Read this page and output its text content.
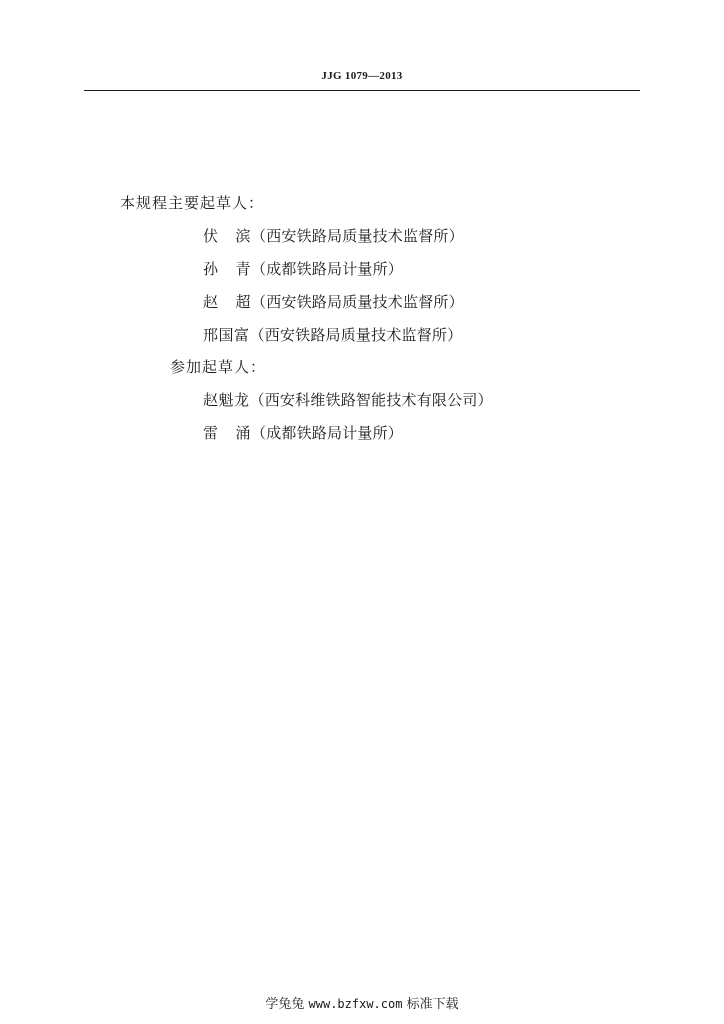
JJG 1079—2013
本规程主要起草人：
伏 滨 （西安铁路局质量技术监督所）
孙 青 （成都铁路局计量所）
赵 超 （西安铁路局质量技术监督所）
邢国富 （西安铁路局质量技术监督所）
参加起草人：
赵魁龙 （西安科维铁路智能技术有限公司）
雷 涌 （成都铁路局计量所）
学兔兔 www.bzfxw.com 标准下载
